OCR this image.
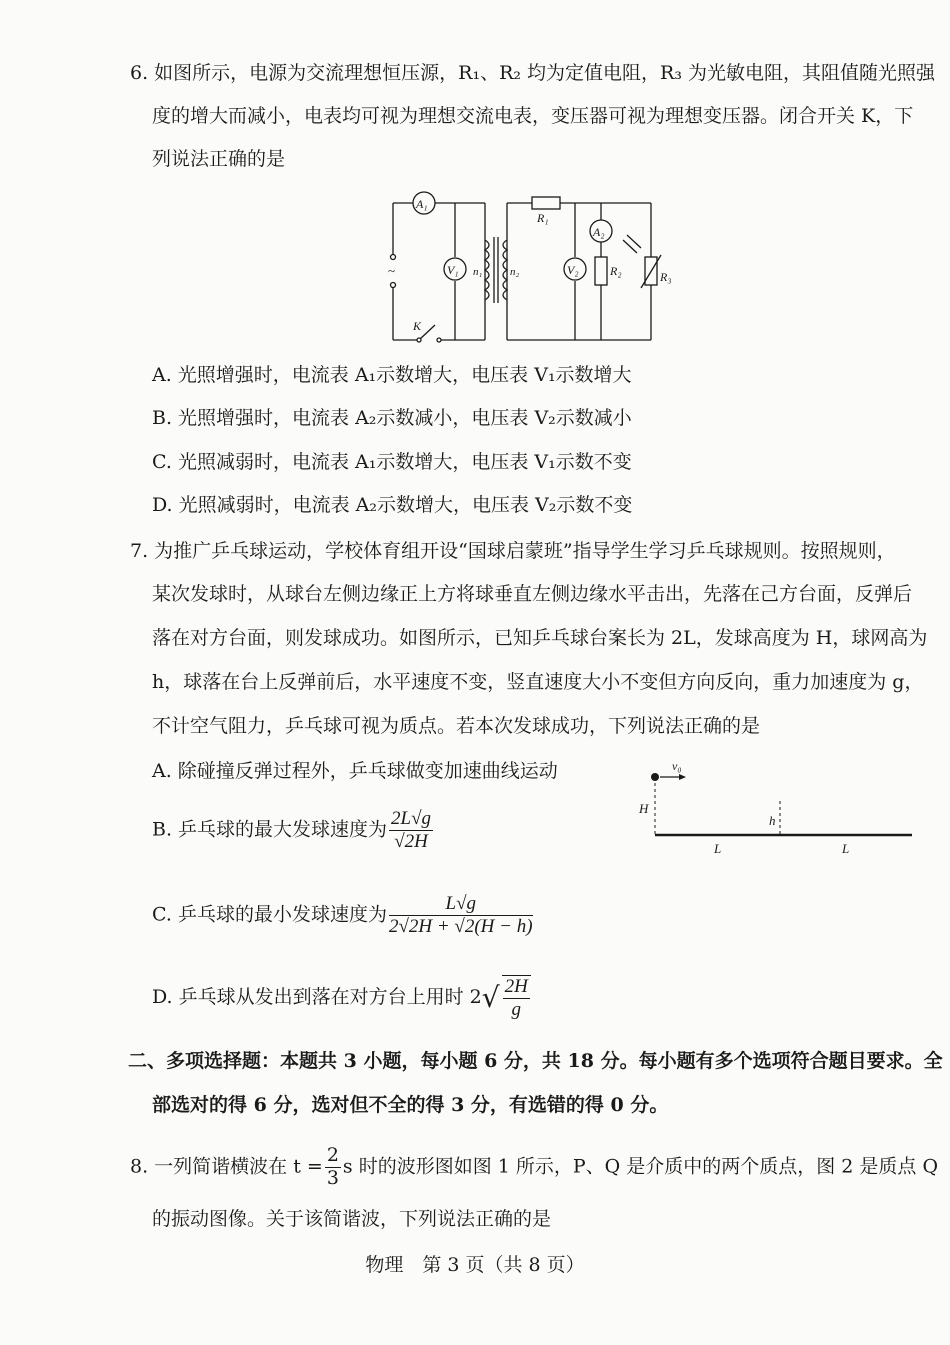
6. 如图所示，电源为交流理想恒压源，R₁、R₂ 均为定值电阻，R₃ 为光敏电阻，其阻值随光照强
度的增大而减小，电表均可视为理想交流电表，变压器可视为理想变压器。闭合开关 K，下
列说法正确的是
A₁
V₁	V₂
A₂
n₁	n₂
R₁
R₂	R₃
K
~
A. 光照增强时，电流表 A₁示数增大，电压表 V₁示数增大
B. 光照增强时，电流表 A₂示数减小，电压表 V₂示数减小
C. 光照减弱时，电流表 A₁示数增大，电压表 V₁示数不变
D. 光照减弱时，电流表 A₂示数增大，电压表 V₂示数不变
7. 为推广乒乓球运动，学校体育组开设“国球启蒙班”指导学生学习乒乓球规则。按照规则，
某次发球时，从球台左侧边缘正上方将球垂直左侧边缘水平击出，先落在己方台面，反弹后
落在对方台面，则发球成功。如图所示，已知乒乓球台案长为 2L，发球高度为 H，球网高为
h，球落在台上反弹前后，水平速度不变，竖直速度大小不变但方向反向，重力加速度为 g，
不计空气阻力，乒乓球可视为质点。若本次发球成功，下列说法正确的是
A. 除碰撞反弹过程外，乒乓球做变加速曲线运动	v₀
H
h
L	L
B. 乒乓球的最大发球速度为 $\frac{2L√g}{√2H}$
C. 乒乓球的最小发球速度为 $\frac{L√g}{2√2H + √2(H - h)}$
D. 乒乓球从发出到落在对方台上用时 $2√ \frac{2H}{g}$
二、多项选择题：本题共 3 小题，每小题 6 分，共 18 分。每小题有多个选项符合题目要求。全
部选对的得 6 分，选对但不全的得 3 分，有选错的得 0 分。
8. 一列简谐横波在 $t = \frac{2}{3}$ s 时的波形图如图 1 所示，P、Q 是介质中的两个质点，图 2 是质点 Q
的振动图像。关于该简谐波，下列说法正确的是
物理　第 3 页（共 8 页）
